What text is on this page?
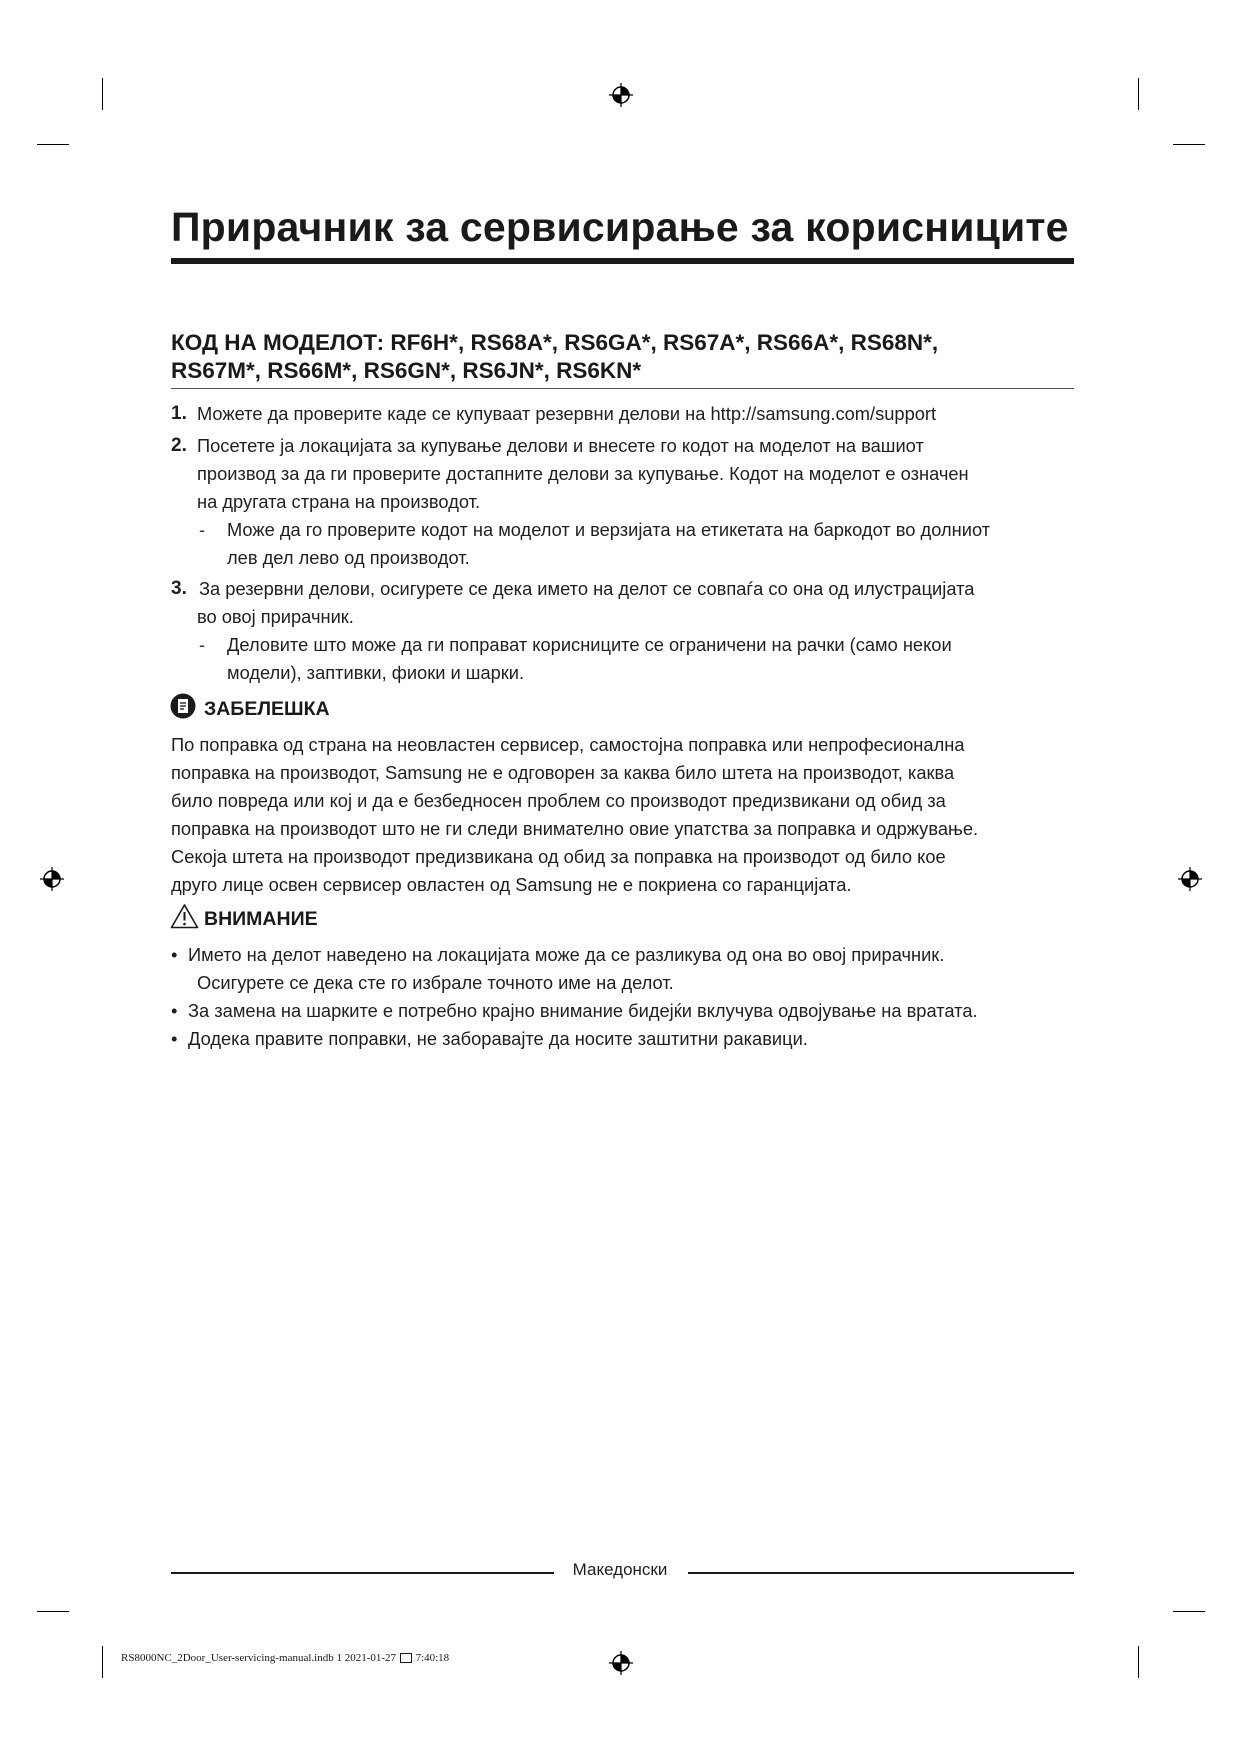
Прирачник за сервисирање за корисниците
КОД НА МОДЕЛОТ: RF6H*, RS68A*, RS6GA*, RS67A*, RS66A*, RS68N*,
RS67M*, RS66M*, RS6GN*, RS6JN*, RS6KN*
1. Можете да проверите каде се купуваат резервни делови на http://samsung.com/support
2. Посетете ја локацијата за купување делови и внесете го кодот на моделот на вашиот
производ за да ги проверите достапните делови за купување. Кодот на моделот е означен
на другата страна на производот.
- Може да го проверите кодот на моделот и верзијата на етикетата на баркодот во долниот
лев дел лево од производот.
3. За резервни делови, осигурете се дека името на делот се совпаѓа со она од илустрацијата
во овој прирачник.
- Деловите што може да ги поправат корисниците се ограничени на рачки (само некои
модели), заптивки, фиоки и шарки.
ЗАБЕЛЕШКА
По поправка од страна на неовластен сервисер, самостојна поправка или непрофесионална
поправка на производот, Samsung не е одговорен за каква било штета на производот, каква
било повреда или кој и да е безбедносен проблем со производот предизвикани од обид за
поправка на производот што не ги следи внимателно овие упатства за поправка и одржување.
Секоја штета на производот предизвикана од обид за поправка на производот од било кое
друго лице освен сервисер овластен од Samsung не е покриена со гаранцијата.
ВНИМАНИЕ
• Името на делот наведено на локацијата може да се разликува од она во овој прирачник.
Осигурете се дека сте го избрале точното име на делот.
• За замена на шарките е потребно крајно внимание бидејќи вклучува одвојување на вратата.
• Додека правите поправки, не заборавајте да носите заштитни ракавици.
Македонски
RS8000NC_2Door_User-servicing-manual.indb 1 2021-01-27 7:40:18
